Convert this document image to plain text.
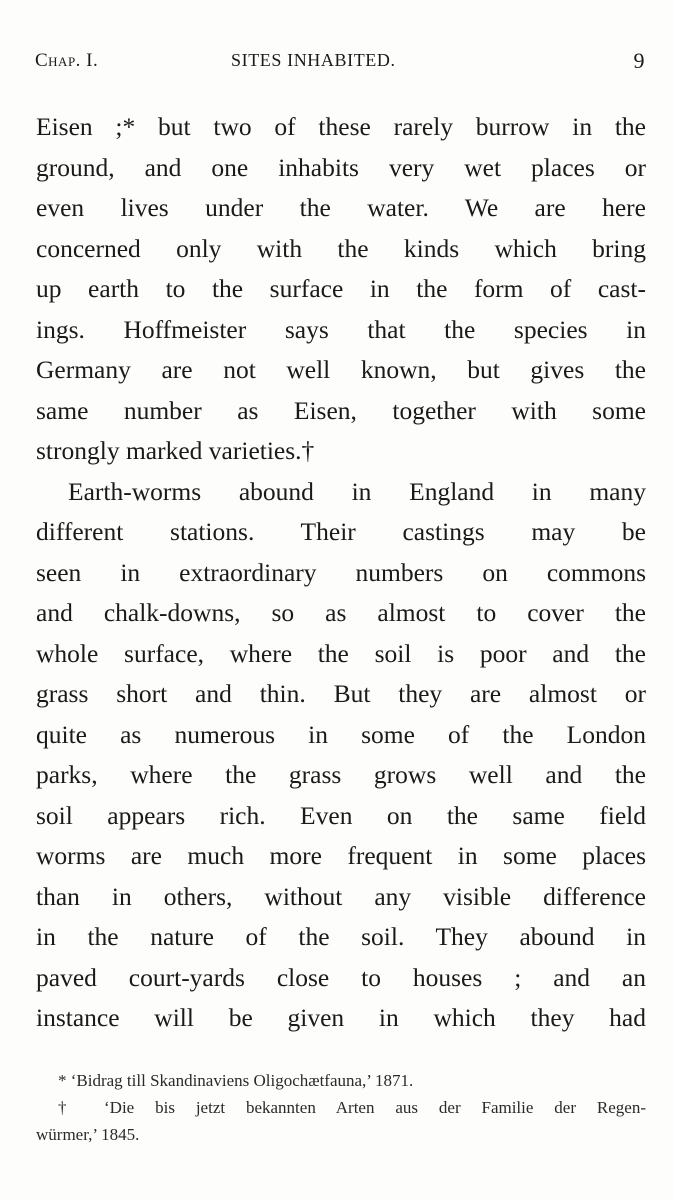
Chap. I.	SITES INHABITED.	9
Eisen ;* but two of these rarely burrow in the
ground, and one inhabits very wet places or
even lives under the water. We are here
concerned only with the kinds which bring
up earth to the surface in the form of cast-
ings. Hoffmeister says that the species in
Germany are not well known, but gives the
same number as Eisen, together with some
strongly marked varieties.†
Earth-worms abound in England in many
different stations. Their castings may be
seen in extraordinary numbers on commons
and chalk-downs, so as almost to cover the
whole surface, where the soil is poor and the
grass short and thin. But they are almost or
quite as numerous in some of the London
parks, where the grass grows well and the
soil appears rich. Even on the same field
worms are much more frequent in some places
than in others, without any visible difference
in the nature of the soil. They abound in
paved court-yards close to houses ; and an
instance will be given in which they had
* ‘Bidrag till Skandinaviens Oligochætfauna,’ 1871.
† ‘Die bis jetzt bekannten Arten aus der Familie der Regen-
würmer,’ 1845.
